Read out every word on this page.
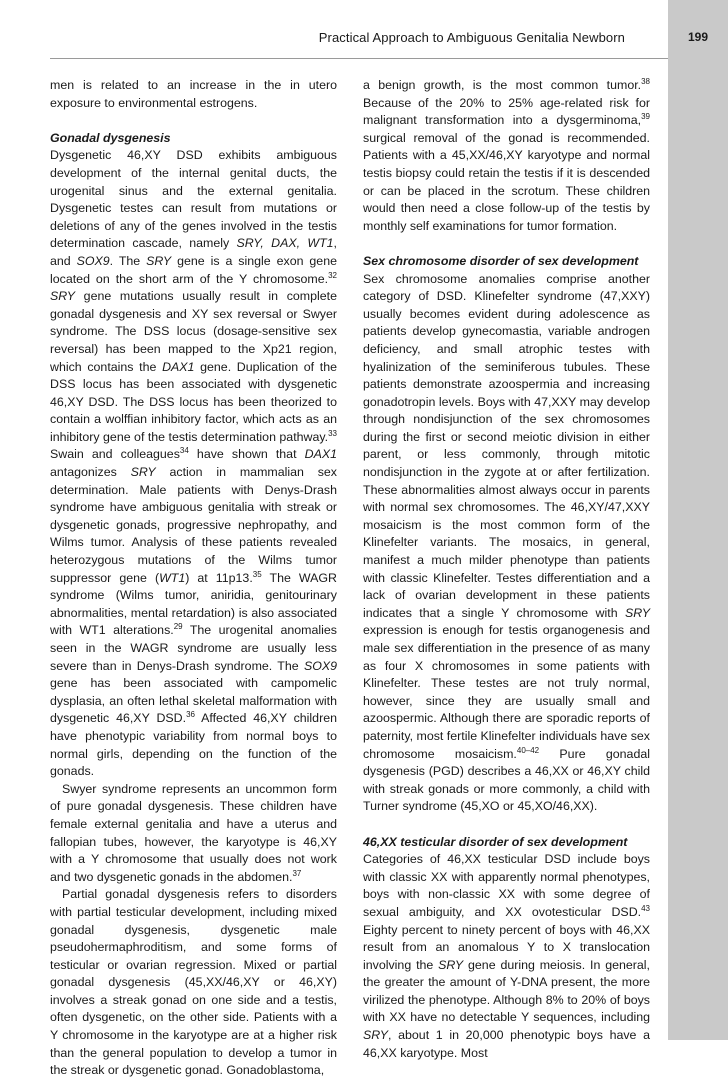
Practical Approach to Ambiguous Genitalia Newborn	199

men is related to an increase in the in utero exposure to environmental estrogens.

Gonadal dysgenesis

Dysgenetic 46,XY DSD exhibits ambiguous development of the internal genital ducts, the urogenital sinus and the external genitalia. Dysgenetic testes can result from mutations or deletions of any of the genes involved in the testis determination cascade, namely SRY, DAX, WT1, and SOX9. The SRY gene is a single exon gene located on the short arm of the Y chromosome.$^{32}$ SRY gene mutations usually result in complete gonadal dysgenesis and XY sex reversal or Swyer syndrome. The DSS locus (dosage-sensitive sex reversal) has been mapped to the Xp21 region, which contains the DAX1 gene. Duplication of the DSS locus has been associated with dysgenetic 46,XY DSD. The DSS locus has been theorized to contain a wolffian inhibitory factor, which acts as an inhibitory gene of the testis determination pathway.$^{33}$ Swain and colleagues$^{34}$ have shown that DAX1 antagonizes SRY action in mammalian sex determination. Male patients with Denys-Drash syndrome have ambiguous genitalia with streak or dysgenetic gonads, progressive nephropathy, and Wilms tumor. Analysis of these patients revealed heterozygous mutations of the Wilms tumor suppressor gene (WT1) at 11p13.35 The WAGR syndrome (Wilms tumor, aniridia, genitourinary abnormalities, mental retardation) is also associated with WT1 alterations.$^{29}$ The urogenital anomalies seen in the WAGR syndrome are usually less severe than in Denys-Drash syndrome. The SOX9 gene has been associated with campomelic dysplasia, an often lethal skeletal malformation with dysgenetic 46,XY DSD.$^{36}$ Affected 46,XY children have phenotypic variability from normal boys to normal girls, depending on the function of the gonads.

Swyer syndrome represents an uncommon form of pure gonadal dysgenesis. These children have female external genitalia and have a uterus and fallopian tubes, however, the karyotype is 46,XY with a Y chromosome that usually does not work and two dysgenetic gonads in the abdomen.$^{37}$

Partial gonadal dysgenesis refers to disorders with partial testicular development, including mixed gonadal dysgenesis, dysgenetic male pseudohermaphroditism, and some forms of testicular or ovarian regression. Mixed or partial gonadal dysgenesis (45,XX/46,XY or 46,XY) involves a streak gonad on one side and a testis, often dysgenetic, on the other side. Patients with a Y chromosome in the karyotype are at a higher risk than the general population to develop a tumor in the streak or dysgenetic gonad. Gonadoblastoma,

a benign growth, is the most common tumor.$^{38}$ Because of the 20% to 25% age-related risk for malignant transformation into a dysgerminoma,$^{39}$ surgical removal of the gonad is recommended. Patients with a 45,XX/46,XY karyotype and normal testis biopsy could retain the testis if it is descended or can be placed in the scrotum. These children would then need a close follow-up of the testis by monthly self examinations for tumor formation.

Sex chromosome disorder of sex development

Sex chromosome anomalies comprise another category of DSD. Klinefelter syndrome (47,XXY) usually becomes evident during adolescence as patients develop gynecomastia, variable androgen deficiency, and small atrophic testes with hyalinization of the seminiferous tubules. These patients demonstrate azoospermia and increasing gonadotropin levels. Boys with 47,XXY may develop through nondisjunction of the sex chromosomes during the first or second meiotic division in either parent, or less commonly, through mitotic nondisjunction in the zygote at or after fertilization. These abnormalities almost always occur in parents with normal sex chromosomes. The 46,XY/47,XXY mosaicism is the most common form of the Klinefelter variants. The mosaics, in general, manifest a much milder phenotype than patients with classic Klinefelter. Testes differentiation and a lack of ovarian development in these patients indicates that a single Y chromosome with SRY expression is enough for testis organogenesis and male sex differentiation in the presence of as many as four X chromosomes in some patients with Klinefelter. These testes are not truly normal, however, since they are usually small and azoospermic. Although there are sporadic reports of paternity, most fertile Klinefelter individuals have sex chromosome mosaicism.$^{40-42}$ Pure gonadal dysgenesis (PGD) describes a 46,XX or 46,XY child with streak gonads or more commonly, a child with Turner syndrome (45,XO or 45,XO/46,XX).

46,XX testicular disorder of sex development

Categories of 46,XX testicular DSD include boys with classic XX with apparently normal phenotypes, boys with non-classic XX with some degree of sexual ambiguity, and XX ovotesticular DSD.$^{43}$ Eighty percent to ninety percent of boys with 46,XX result from an anomalous Y to X translocation involving the SRY gene during meiosis. In general, the greater the amount of Y-DNA present, the more virilized the phenotype. Although 8% to 20% of boys with XX have no detectable Y sequences, including SRY, about 1 in 20,000 phenotypic boys have a 46,XX karyotype. Most
